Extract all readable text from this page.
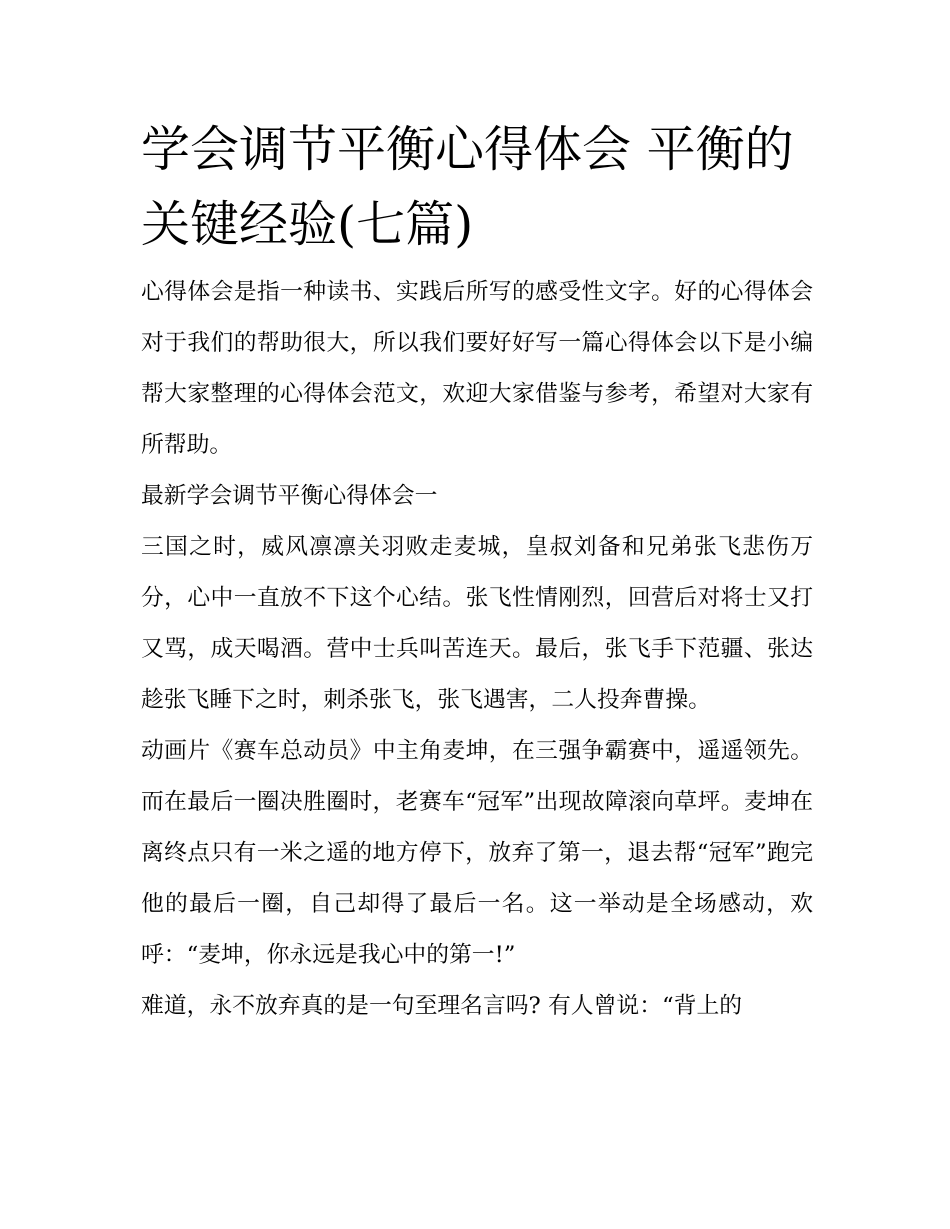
学会调节平衡心得体会 平衡的关键经验(七篇)

心得体会是指一种读书、实践后所写的感受性文字。好的心得体会对于我们的帮助很大，所以我们要好好写一篇心得体会以下是小编帮大家整理的心得体会范文，欢迎大家借鉴与参考，希望对大家有所帮助。

最新学会调节平衡心得体会一

三国之时，威风凛凛关羽败走麦城，皇叔刘备和兄弟张飞悲伤万分，心中一直放不下这个心结。张飞性情刚烈，回营后对将士又打又骂，成天喝酒。营中士兵叫苦连天。最后，张飞手下范疆、张达趁张飞睡下之时，刺杀张飞，张飞遇害，二人投奔曹操。

动画片《赛车总动员》中主角麦坤，在三强争霸赛中，遥遥领先。而在最后一圈决胜圈时，老赛车“冠军”出现故障滚向草坪。麦坤在离终点只有一米之遥的地方停下，放弃了第一，退去帮“冠军”跑完他的最后一圈，自己却得了最后一名。这一举动是全场感动，欢呼：“麦坤，你永远是我心中的第一!”

难道，永不放弃真的是一句至理名言吗? 有人曾说：“背上的
